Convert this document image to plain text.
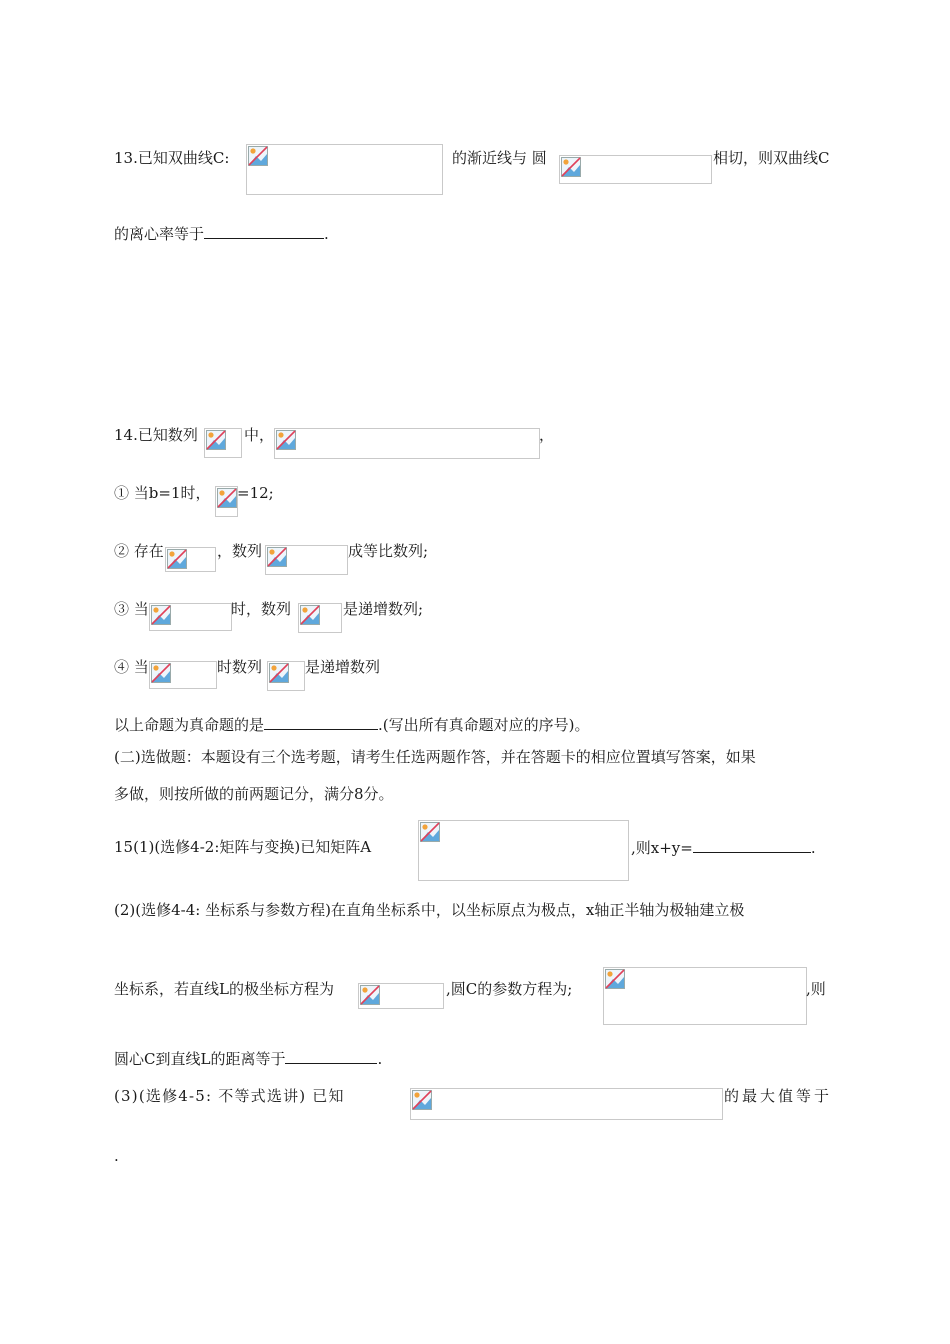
13.已知双曲线C:	的渐近线与 圆	相切，则双曲线C
的离心率等于	.
14.已知数列	中，	，
① 当b=1时， =12;
② 存在	，数列	成等比数列;
③ 当	时，数列	是递增数列;
④ 当	时数列	是递增数列
以上命题为真命题的是	.(写出所有真命题对应的序号)。
(二)选做题：本题设有三个选考题，请考生任选两题作答，并在答题卡的相应位置填写答案，如果
多做，则按所做的前两题记分，满分8分。
15(1)(选修4-2:矩阵与变换)已知矩阵A	,则x+y=	.
(2)(选修4-4: 坐标系与参数方程)在直角坐标系中，以坐标原点为极点，x轴正半轴为极轴建立极
坐标系，若直线L的极坐标方程为	,圆C的参数方程为;	,则
圆心C到直线L的距离等于	.
(3)(选修4-5: 不等式选讲) 已知	的最大值等于
.
